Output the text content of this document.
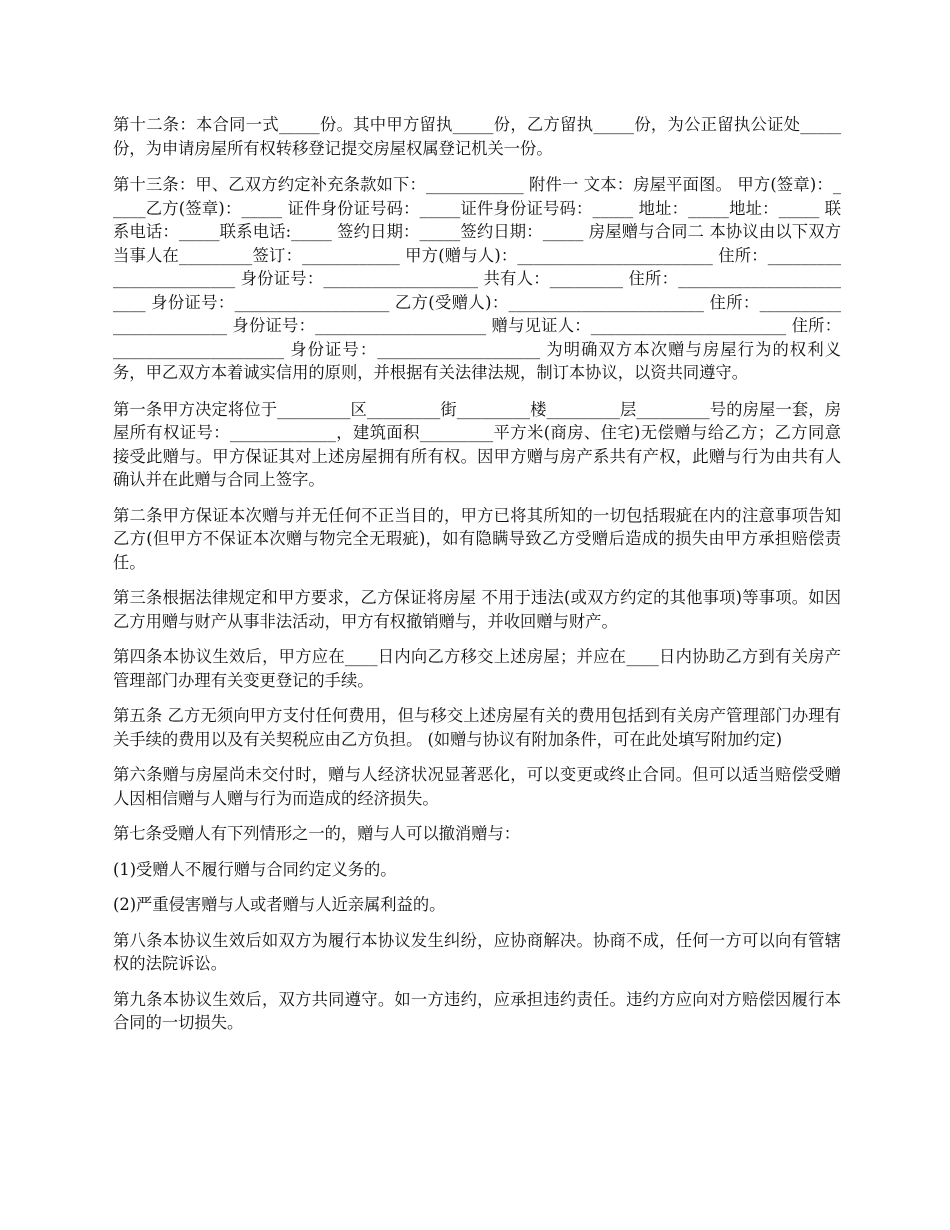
第十二条：本合同一式_____份。其中甲方留执_____份，乙方留执_____份，为公正留执公证处_____份，为申请房屋所有权转移登记提交房屋权属登记机关一份。

第十三条：甲、乙双方约定补充条款如下：____________ 附件一 文本：房屋平面图。 甲方(签章)：_____乙方(签章)：_____ 证件身份证号码：_____证件身份证号码：_____ 地址：_____地址：_____ 联系电话：_____联系电话:_____ 签约日期：_____签约日期：_____ 房屋赠与合同二 本协议由以下双方当事人在_________签订：____________ 甲方(赠与人)：________________________ 住所：________________________ 身份证号：___________________ 共有人：_________ 住所：________________________ 身份证号：___________________ 乙方(受赠人)：________________________ 住所：________________________ 身份证号：_____________________ 赠与见证人：________________________ 住所：_____________________ 身份证号：____________________ 为明确双方本次赠与房屋行为的权利义务，甲乙双方本着诚实信用的原则，并根据有关法律法规，制订本协议，以资共同遵守。

第一条甲方决定将位于_________区_________街_________楼_________层_________号的房屋一套，房屋所有权证号：_____________，建筑面积_________平方米(商房、住宅)无偿赠与给乙方；乙方同意接受此赠与。甲方保证其对上述房屋拥有所有权。因甲方赠与房产系共有产权，此赠与行为由共有人确认并在此赠与合同上签字。

第二条甲方保证本次赠与并无任何不正当目的，甲方已将其所知的一切包括瑕疵在内的注意事项告知乙方(但甲方不保证本次赠与物完全无瑕疵)，如有隐瞒导致乙方受赠后造成的损失由甲方承担赔偿责任。

第三条根据法律规定和甲方要求，乙方保证将房屋 不用于违法(或双方约定的其他事项)等事项。如因乙方用赠与财产从事非法活动，甲方有权撤销赠与，并收回赠与财产。

第四条本协议生效后，甲方应在____日内向乙方移交上述房屋；并应在____日内协助乙方到有关房产管理部门办理有关变更登记的手续。

第五条 乙方无须向甲方支付任何费用，但与移交上述房屋有关的费用包括到有关房产管理部门办理有关手续的费用以及有关契税应由乙方负担。 (如赠与协议有附加条件，可在此处填写附加约定)

第六条赠与房屋尚未交付时，赠与人经济状况显著恶化，可以变更或终止合同。但可以适当赔偿受赠人因相信赠与人赠与行为而造成的经济损失。

第七条受赠人有下列情形之一的，赠与人可以撤消赠与：

(1)受赠人不履行赠与合同约定义务的。

(2)严重侵害赠与人或者赠与人近亲属利益的。

第八条本协议生效后如双方为履行本协议发生纠纷，应协商解决。协商不成，任何一方可以向有管辖权的法院诉讼。

第九条本协议生效后，双方共同遵守。如一方违约，应承担违约责任。违约方应向对方赔偿因履行本合同的一切损失。
